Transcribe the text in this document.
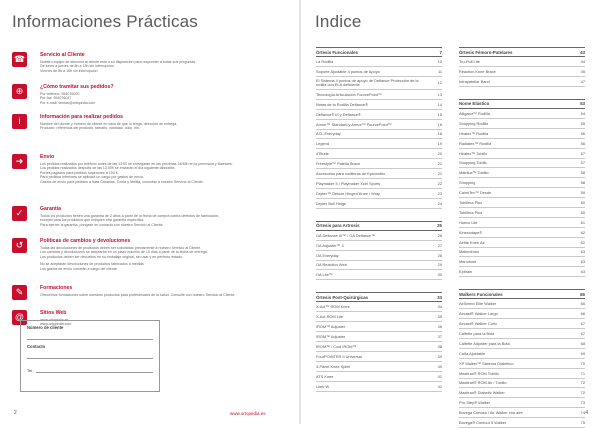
Informaciones Prácticas
☎	Servicio al Cliente
Nuestro equipo de atención al cliente está a su disposición para responder a todas sus preguntas.
De lunes a jueves de 8h a 18h sin interrupción
Viernes de 8h a 16h sin interrupción
⊕	¿Cómo tramitar sus pedidos?
Por teléfono: 954076000
Por fax: 954076047
Por e-mail: ventas@ortopedia.com
i	Información para realizar pedidos
Nombre del cliente y número de cliente en caso de que lo tenga, dirección de entrega.
Producto: referencia del producto, tamaño, cantidad, color, etc.
➜	Envío
Los pedidos realizados por teléfono antes de las 13:00 se entregarán en las próximas 24/48h en la península y Baleares.
Los pedidos realizados después de las 13:00h se enviarán el día siguiente laborable.
Portes pagados para pedidos superiores a 150 €.
Para pedidos inferiores se aplicará un cargo por gastos de envío.
Gastos de envío para pedidos a Islas Canarias, Ceuta y Melilla, consultar a nuestro Servicio al Cliente.
✓	Garantía
Todos los productos tienen una garantía de 2 años a partir de la fecha de compra contra defectos de fabricación,
excepto para los productos que indiquen otra garantía específica.
Para ejercer la garantía, póngase en contacto con nuestro Servicio al Cliente.
↺	Políticas de cambios y devoluciones
Todas las devoluciones de productos deben ser solicitadas previamente a nuestro Servicio al Cliente.
Los cambios y devoluciones se aceptarán en un plazo máximo de 15 días a partir de la fecha de entrega.
Los productos deben ser devueltos en su embalaje original, sin usar y en perfecto estado.
No se aceptarán devoluciones de productos fabricados a medida.
Los gastos de envío correrán a cargo del cliente.
✎	Formaciones
Ofrecemos formaciones sobre nuestros productos para profesionales de la salud. Consulte con nuestro Servicio al Cliente.
@	Sitios Web
www.ortopedia.es
www.ortopedia.com
Número de cliente
Contacto
Tel.
2	www.ortopedia.es
Indice
Órtesis Funcionales	7
La Rodilla	10
Soporte Ajustable 4 puntos de Apoyo	11
El Sistema 4 puntos de apoyo de Defiance Protección de la rodilla con ELA deficiente	12
Tecnología Articulación FourcePoint™	13
Notas de la Rodilla Defiance®	14
Defiance® III y Defiance®	15
Armor™ Standard y Armor™ FourcePoint™	16
ACL Everyday	16
Legend	19
4Titude	20
Freestyle™ Patella Brace	21
Accesorios para rodilleras de Epicóndilo	21
Playmaker II / Playmaker Xcel Sports	22
Drytex™ Deluxe Hinged Knee / Wrap	23
Drytex Bull Hinge	24
Órtesis para Artrosis	25
OA Defiance III™ / OA Defiance™	26
OA Adjuster™ 3	27
OA Everyday	28
OA Reaction Web	29
OA Lite™	30
Órtesis Post-Quirúrgicas	33
X-Act™ ROM Knee	34
X-Act ROM Lite	35
IROM™ Adjuster	36
IROM™ Adjuster	37
IROM™ / Cool IROM™	38
FourPOINTER II Universal	39
4-Panel Knee Splint	40
ATS Knee	41
Limb W	41
Órtesis Fémoro-Patelares	43
Tru-Pull Lite	44
Reaction Knee Brace	45
Infrapatellar Band	47
Nome Elástico	53
Alligator™ Rodilla	54
Shopping Rodilla	55
Hiratex™ Rodilla	56
Radiatex™ Rodilla	56
Hiratex™ Tobillo	57
Shopping Tobillo	57
Matrilux™ Tobillo	58
Shopping	58
CalmiTex™ Desde	59
Tobillera Plus	60
Tobillera Plus	60
Hueco Lite	61
Kinesiotape®	62
Airtite Knee Air	62
Malleotrons	63
Manutone	63
Epitrain	63
Walkers Funcionales	65
AirSelect Elite Walker	66
Aircast® Walker Largo	66
Aircast® Walker Corto	67
Calfette para la Bota	67
Calfette Adjuster para la Bota	68
Caña Ajustable	69
XP Walker™ Sistema Diabético	70
Maxitrax® ROM Tobillo	71
Maxitrax® ROM Air / Tobillo	72
Maxitrax® Diabetic Walker	72
Pro-Step® Walker	73
Bovega Cortoso / Air Walker con aire	74
Bovega® Contour II Walker	75
4
